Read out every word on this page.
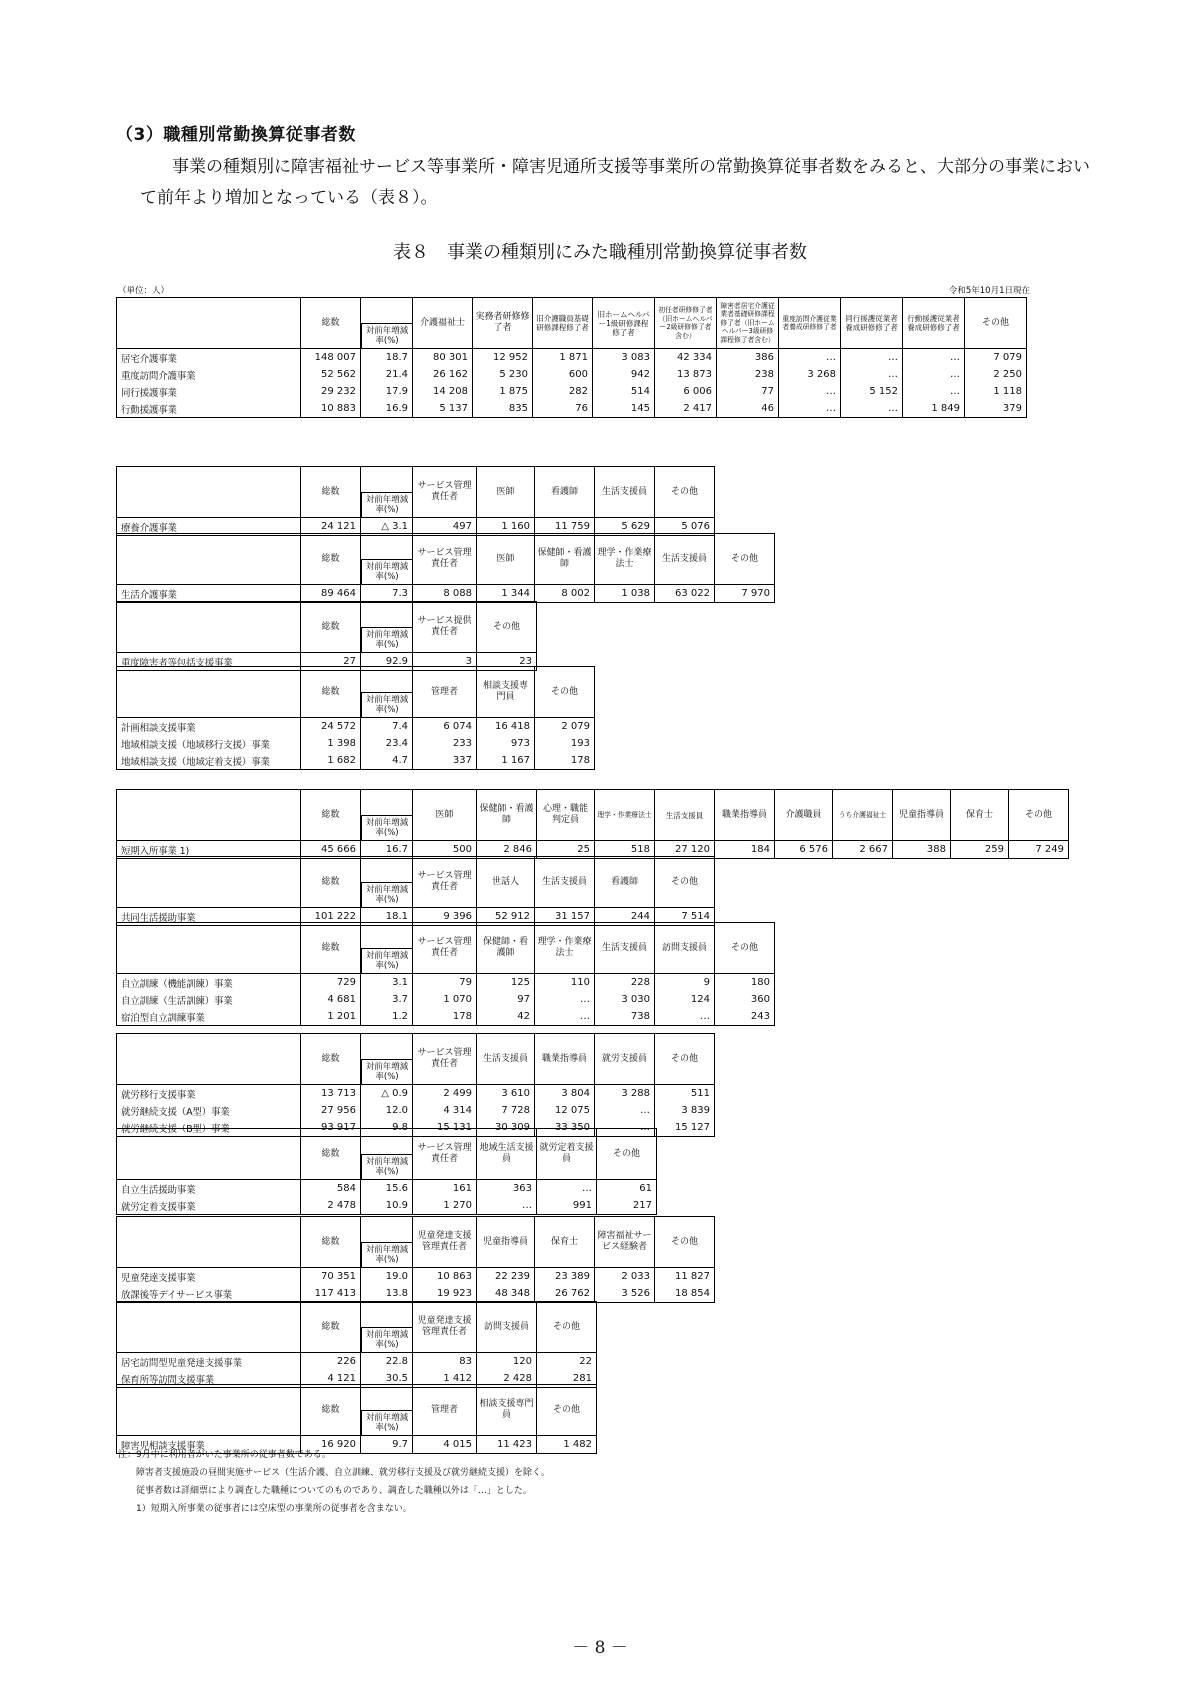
（3）職種別常勤換算従事者数
事業の種類別に障害福祉サービス等事業所・障害児通所支援等事業所の常勤換算従事者数をみると、大部分の事業において前年より増加となっている（表８）。
表８　事業の種類別にみた職種別常勤換算従事者数
（単位：人）	令和5年10月1日現在
	総数	対前年増減率(%)	介護福祉士	実務者研修修了者	旧介護職員基礎研修課程修了者	旧ホームヘルパー1級研修課程修了者	初任者研修修了者（旧ホームヘルパー2級研修修了者含む）	障害者居宅介護従業者基礎研修課程修了者（旧ホームヘルパー3級研修課程修了者含む）	重度訪問介護従業者養成研修修了者	同行援護従業者養成研修修了者	行動援護従業者養成研修修了者	その他
居宅介護事業	148 007	18.7	80 301	12 952	1 871	3 083	42 334	386	…	…	…	7 079
重度訪問介護事業	52 562	21.4	26 162	5 230	600	942	13 873	238	3 268	…	…	2 250
同行援護事業	29 232	17.9	14 208	1 875	282	514	6 006	77	…	5 152	…	1 118
行動援護事業	10 883	16.9	5 137	835	76	145	2 417	46	…	…	1 849	379
	総数	対前年増減率(%)	サービス管理責任者	医師	看護師	生活支援員	その他
療養介護事業	24 121	△ 3.1	497	1 160	11 759	5 629	5 076
	総数	対前年増減率(%)	サービス管理責任者	医師	保健師・看護師	理学・作業療法士	生活支援員	その他
生活介護事業	89 464	7.3	8 088	1 344	8 002	1 038	63 022	7 970
	総数	対前年増減率(%)	サービス提供責任者	その他
重度障害者等包括支援事業	27	92.9	3	23
	総数	対前年増減率(%)	管理者	相談支援専門員	その他
計画相談支援事業	24 572	7.4	6 074	16 418	2 079
地域相談支援（地域移行支援）事業	1 398	23.4	233	973	193
地域相談支援（地域定着支援）事業	1 682	4.7	337	1 167	178
	総数	対前年増減率(%)	医師	保健師・看護師	心理・職能判定員	理学・作業療法士	生活支援員	職業指導員	介護職員	うち介護福祉士	児童指導員	保育士	その他
短期入所事業 1)	45 666	16.7	500	2 846	25	518	27 120	184	6 576	2 667	388	259	7 249
	総数	対前年増減率(%)	サービス管理責任者	世話人	生活支援員	看護師	その他
共同生活援助事業	101 222	18.1	9 396	52 912	31 157	244	7 514
	総数	対前年増減率(%)	サービス管理責任者	保健師・看護師	理学・作業療法士	生活支援員	訪問支援員	その他
自立訓練（機能訓練）事業	729	3.1	79	125	110	228	9	180
自立訓練（生活訓練）事業	4 681	3.7	1 070	97	…	3 030	124	360
宿泊型自立訓練事業	1 201	1.2	178	42	…	738	…	243
	総数	対前年増減率(%)	サービス管理責任者	生活支援員	職業指導員	就労支援員	その他
就労移行支援事業	13 713	△ 0.9	2 499	3 610	3 804	3 288	511
就労継続支援（A型）事業	27 956	12.0	4 314	7 728	12 075	…	3 839
就労継続支援（B型）事業	93 917	9.8	15 131	30 309	33 350	…	15 127
	総数	対前年増減率(%)	サービス管理責任者	地域生活支援員	就労定着支援員	その他
自立生活援助事業	584	15.6	161	363	…	61
就労定着支援事業	2 478	10.9	1 270	…	991	217
	総数	対前年増減率(%)	児童発達支援管理責任者	児童指導員	保育士	障害福祉サービス経験者	その他
児童発達支援事業	70 351	19.0	10 863	22 239	23 389	2 033	11 827
放課後等デイサービス事業	117 413	13.8	19 923	48 348	26 762	3 526	18 854
	総数	対前年増減率(%)	児童発達支援管理責任者	訪問支援員	その他
居宅訪問型児童発達支援事業	226	22.8	83	120	22
保育所等訪問支援事業	4 121	30.5	1 412	2 428	281
	総数	対前年増減率(%)	管理者	相談支援専門員	その他
障害児相談支援事業	16 920	9.7	4 015	11 423	1 482
注：9月中に利用者がいた事業所の従事者数である。
　　障害者支援施設の昼間実施サービス（生活介護、自立訓練、就労移行支援及び就労継続支援）を除く。
　　従事者数は詳細票により調査した職種についてのものであり、調査した職種以外は「…」とした。
　　1）短期入所事業の従事者には空床型の事業所の従事者を含まない。
－ 8 －
